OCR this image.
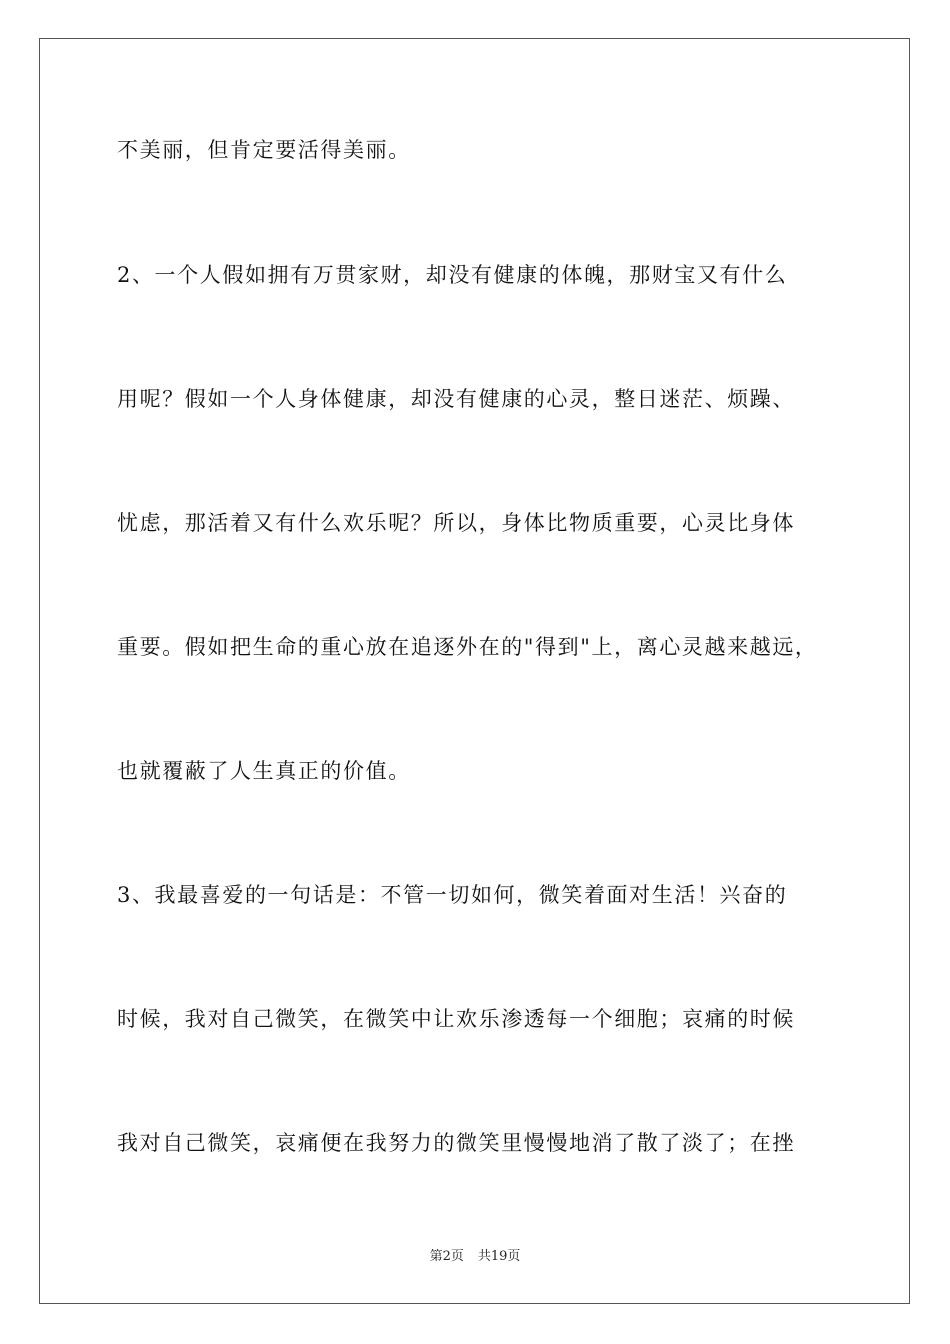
不美丽，但肯定要活得美丽。
2、一个人假如拥有万贯家财，却没有健康的体魄，那财宝又有什么
用呢？假如一个人身体健康，却没有健康的心灵，整日迷茫、烦躁、
忧虑，那活着又有什么欢乐呢？所以，身体比物质重要，心灵比身体
重要。假如把生命的重心放在追逐外在的"得到"上，离心灵越来越远，
也就覆蔽了人生真正的价值。
3、我最喜爱的一句话是：不管一切如何，微笑着面对生活！兴奋的
时候，我对自己微笑，在微笑中让欢乐渗透每一个细胞；哀痛的时候
我对自己微笑，哀痛便在我努力的微笑里慢慢地消了散了淡了；在挫
第2页 共19页
